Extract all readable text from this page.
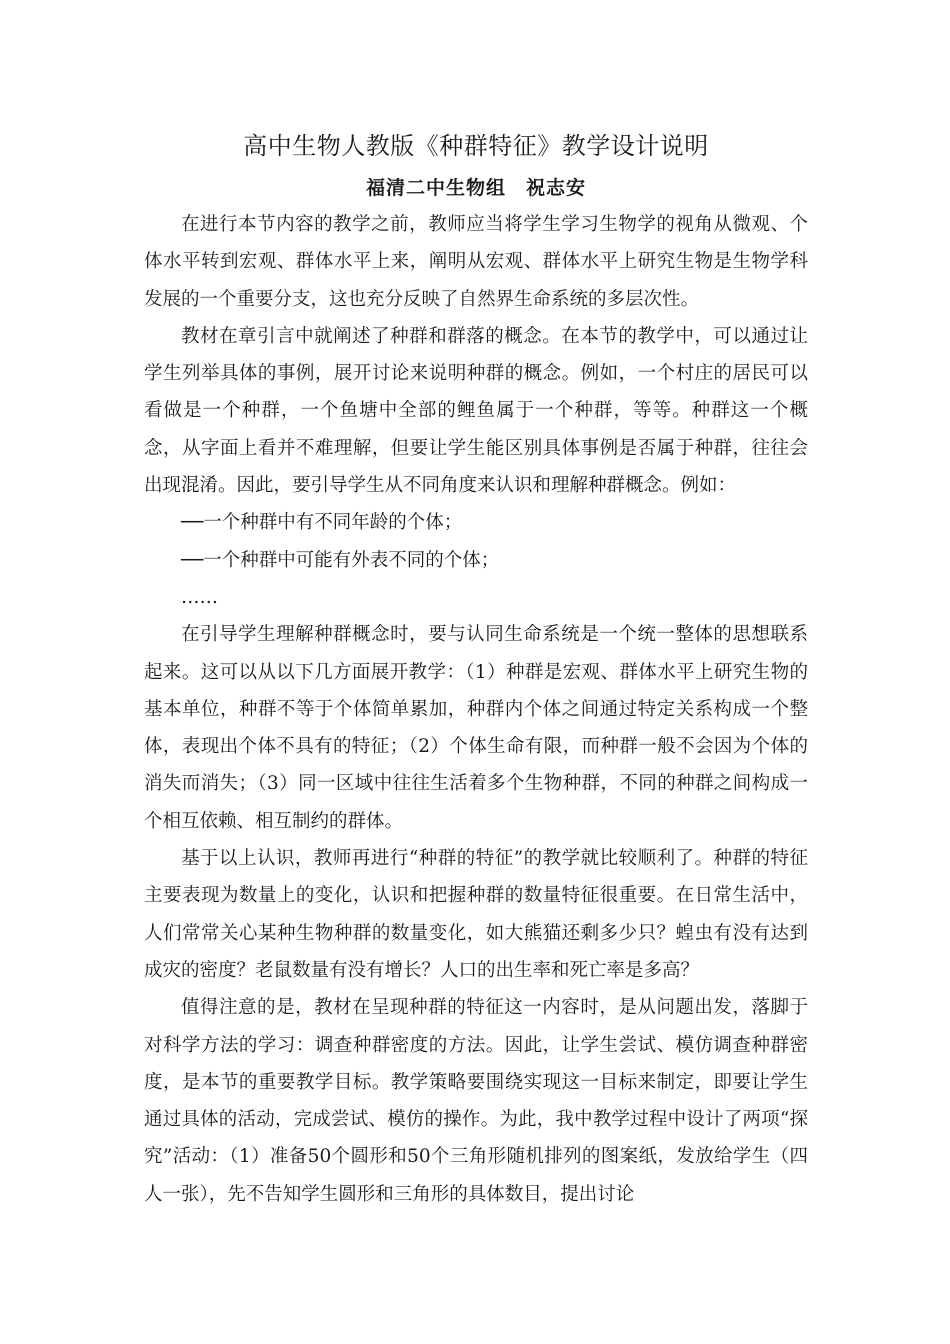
高中生物人教版《种群特征》教学设计说明
福清二中生物组　祝志安

在进行本节内容的教学之前，教师应当将学生学习生物学的视角从微观、个体水平转到宏观、群体水平上来，阐明从宏观、群体水平上研究生物是生物学科发展的一个重要分支，这也充分反映了自然界生命系统的多层次性。

教材在章引言中就阐述了种群和群落的概念。在本节的教学中，可以通过让学生列举具体的事例，展开讨论来说明种群的概念。例如，一个村庄的居民可以看做是一个种群，一个鱼塘中全部的鲤鱼属于一个种群，等等。种群这一个概念，从字面上看并不难理解，但要让学生能区别具体事例是否属于种群，往往会出现混淆。因此，要引导学生从不同角度来认识和理解种群概念。例如：

──一个种群中有不同年龄的个体；

──一个种群中可能有外表不同的个体；

……

在引导学生理解种群概念时，要与认同生命系统是一个统一整体的思想联系起来。这可以从以下几方面展开教学：（1）种群是宏观、群体水平上研究生物的基本单位，种群不等于个体简单累加，种群内个体之间通过特定关系构成一个整体，表现出个体不具有的特征；（2）个体生命有限，而种群一般不会因为个体的消失而消失；（3）同一区域中往往生活着多个生物种群，不同的种群之间构成一个相互依赖、相互制约的群体。

基于以上认识，教师再进行“种群的特征”的教学就比较顺利了。种群的特征主要表现为数量上的变化，认识和把握种群的数量特征很重要。在日常生活中，人们常常关心某种生物种群的数量变化，如大熊猫还剩多少只？蝗虫有没有达到成灾的密度？老鼠数量有没有增长？人口的出生率和死亡率是多高？

值得注意的是，教材在呈现种群的特征这一内容时，是从问题出发，落脚于对科学方法的学习：调查种群密度的方法。因此，让学生尝试、模仿调查种群密度，是本节的重要教学目标。教学策略要围绕实现这一目标来制定，即要让学生通过具体的活动，完成尝试、模仿的操作。为此，我中教学过程中设计了两项“探究”活动：（1）准备50个圆形和50个三角形随机排列的图案纸，发放给学生（四人一张），先不告知学生圆形和三角形的具体数目，提出讨论
